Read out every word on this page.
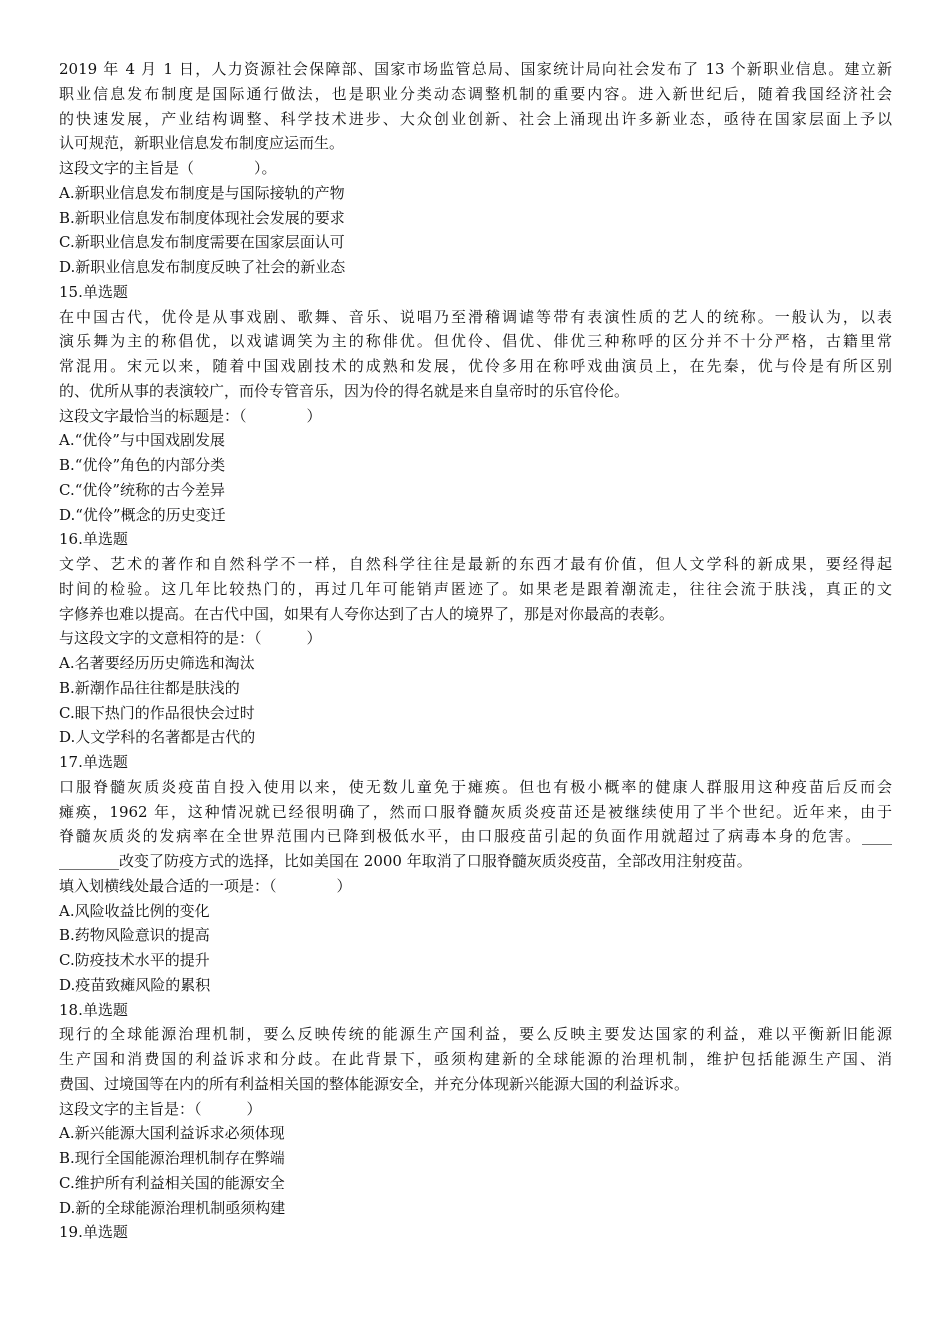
2019 年 4 月 1 日，人力资源社会保障部、国家市场监管总局、国家统计局向社会发布了 13 个新职业信息。建立新
职业信息发布制度是国际通行做法，也是职业分类动态调整机制的重要内容。进入新世纪后，随着我国经济社会
的快速发展，产业结构调整、科学技术进步、大众创业创新、社会上涌现出许多新业态，亟待在国家层面上予以
认可规范，新职业信息发布制度应运而生。
这段文字的主旨是（　　　　）。
A.新职业信息发布制度是与国际接轨的产物
B.新职业信息发布制度体现社会发展的要求
C.新职业信息发布制度需要在国家层面认可
D.新职业信息发布制度反映了社会的新业态
15.单选题
在中国古代，优伶是从事戏剧、歌舞、音乐、说唱乃至滑稽调谑等带有表演性质的艺人的统称。一般认为，以表
演乐舞为主的称倡优，以戏谑调笑为主的称俳优。但优伶、倡优、俳优三种称呼的区分并不十分严格，古籍里常
常混用。宋元以来，随着中国戏剧技术的成熟和发展，优伶多用在称呼戏曲演员上，在先秦，优与伶是有所区别
的、优所从事的表演较广，而伶专管音乐，因为伶的得名就是来自皇帝时的乐官伶伦。
这段文字最恰当的标题是：（　　　　）
A.“优伶”与中国戏剧发展
B.“优伶”角色的内部分类
C.“优伶”统称的古今差异
D.“优伶”概念的历史变迁
16.单选题
文学、艺术的著作和自然科学不一样，自然科学往往是最新的东西才最有价值，但人文学科的新成果，要经得起
时间的检验。这几年比较热门的，再过几年可能销声匿迹了。如果老是跟着潮流走，往往会流于肤浅，真正的文
字修养也难以提高。在古代中国，如果有人夸你达到了古人的境界了，那是对你最高的表彰。
与这段文字的文意相符的是：（　　　）
A.名著要经历历史筛选和淘汰
B.新潮作品往往都是肤浅的
C.眼下热门的作品很快会过时
D.人文学科的名著都是古代的
17.单选题
口服脊髓灰质炎疫苗自投入使用以来，使无数儿童免于瘫痪。但也有极小概率的健康人群服用这种疫苗后反而会
瘫痪，1962 年，这种情况就已经很明确了，然而口服脊髓灰质炎疫苗还是被继续使用了半个世纪。近年来，由于
脊髓灰质炎的发病率在全世界范围内已降到极低水平，由口服疫苗引起的负面作用就超过了病毒本身的危害。____
________改变了防疫方式的选择，比如美国在 2000 年取消了口服脊髓灰质炎疫苗，全部改用注射疫苗。
填入划横线处最合适的一项是：（　　　　）
A.风险收益比例的变化
B.药物风险意识的提高
C.防疫技术水平的提升
D.疫苗致瘫风险的累积
18.单选题
现行的全球能源治理机制，要么反映传统的能源生产国利益，要么反映主要发达国家的利益，难以平衡新旧能源
生产国和消费国的利益诉求和分歧。在此背景下，亟须构建新的全球能源的治理机制，维护包括能源生产国、消
费国、过境国等在内的所有利益相关国的整体能源安全，并充分体现新兴能源大国的利益诉求。
这段文字的主旨是：（　　　）
A.新兴能源大国利益诉求必须体现
B.现行全国能源治理机制存在弊端
C.维护所有利益相关国的能源安全
D.新的全球能源治理机制亟须构建
19.单选题
